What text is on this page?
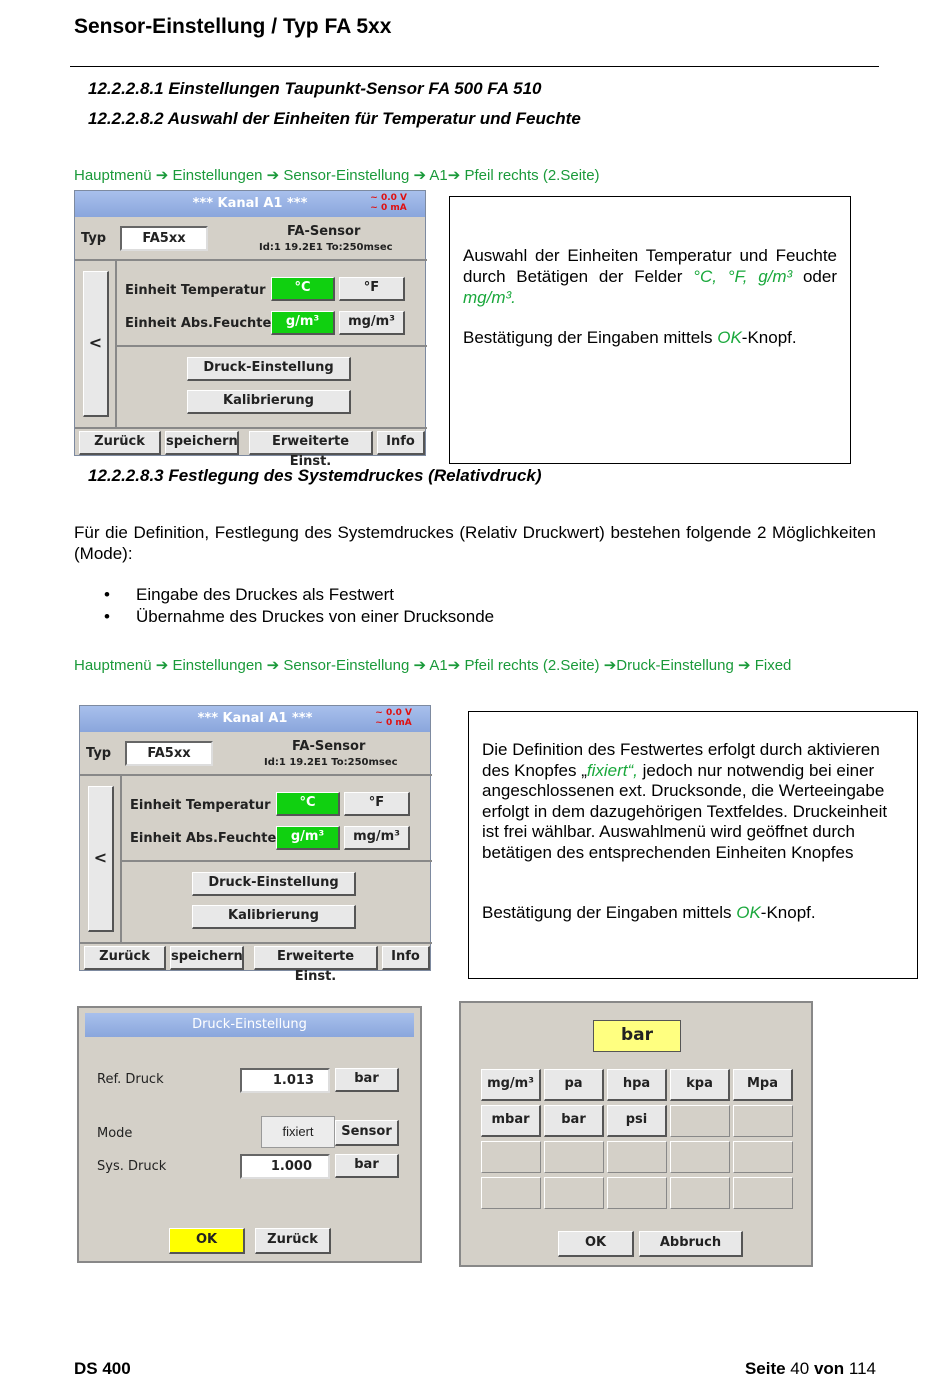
Sensor-Einstellung / Typ FA 5xx
12.2.2.8.1 Einstellungen Taupunkt-Sensor FA 500 FA 510
12.2.2.8.2 Auswahl der Einheiten für Temperatur und Feuchte
Hauptmenü ➔ Einstellungen ➔ Sensor-Einstellung ➔ A1➔ Pfeil rechts (2.Seite)
*** Kanal A1 ***	~ 0.0 V
~ 0 mA
Typ	FA5xx	FA-Sensor
Id:1 19.2E1 To:250msec
<
Einheit Temperatur	°C	°F
Einheit Abs.Feuchte	g/m³	mg/m³
Druck-Einstellung
Kalibrierung
Zurück	speichern	Erweiterte Einst.
Info
Auswahl der Einheiten Temperatur und Feuchte durch Betätigen der Felder °C, °F, g/m³ oder mg/m³.
Bestätigung der Eingaben mittels OK-Knopf.
12.2.2.8.3 Festlegung des Systemdruckes (Relativdruck)
Für die Definition, Festlegung des Systemdruckes (Relativ Druckwert) bestehen folgende 2 Möglichkeiten (Mode):
• Eingabe des Druckes als Festwert
• Übernahme des Druckes von einer Drucksonde
Hauptmenü ➔ Einstellungen ➔ Sensor-Einstellung ➔ A1➔ Pfeil rechts (2.Seite) ➔Druck-Einstellung ➔ Fixed
*** Kanal A1 ***	~ 0.0 V
~ 0 mA
Typ	FA5xx	FA-Sensor
Id:1 19.2E1 To:250msec
<
Einheit Temperatur	°C	°F
Einheit Abs.Feuchte	g/m³	mg/m³
Druck-Einstellung
Kalibrierung
Zurück	speichern	Erweiterte Einst.
Info
Die Definition des Festwertes erfolgt durch aktivieren
des Knopfes „fixiert“, jedoch nur notwendig bei einer
angeschlossenen ext. Drucksonde, die Werteeingabe erfolgt in dem dazugehörigen Textfeldes. Druckeinheit ist frei wählbar. Auswahlmenü wird geöffnet durch betätigen des entsprechenden Einheiten Knopfes
Bestätigung der Eingaben mittels OK-Knopf.
Druck-Einstellung
Ref. Druck	1.013	bar
Mode	fixiert	Sensor
Sys. Druck	1.000	bar
OK	Zurück
bar
mg/m³	pa	hpa	kpa	Mpa
mbar	bar	psi
OK	Abbruch
DS 400	Seite 40 von 114
